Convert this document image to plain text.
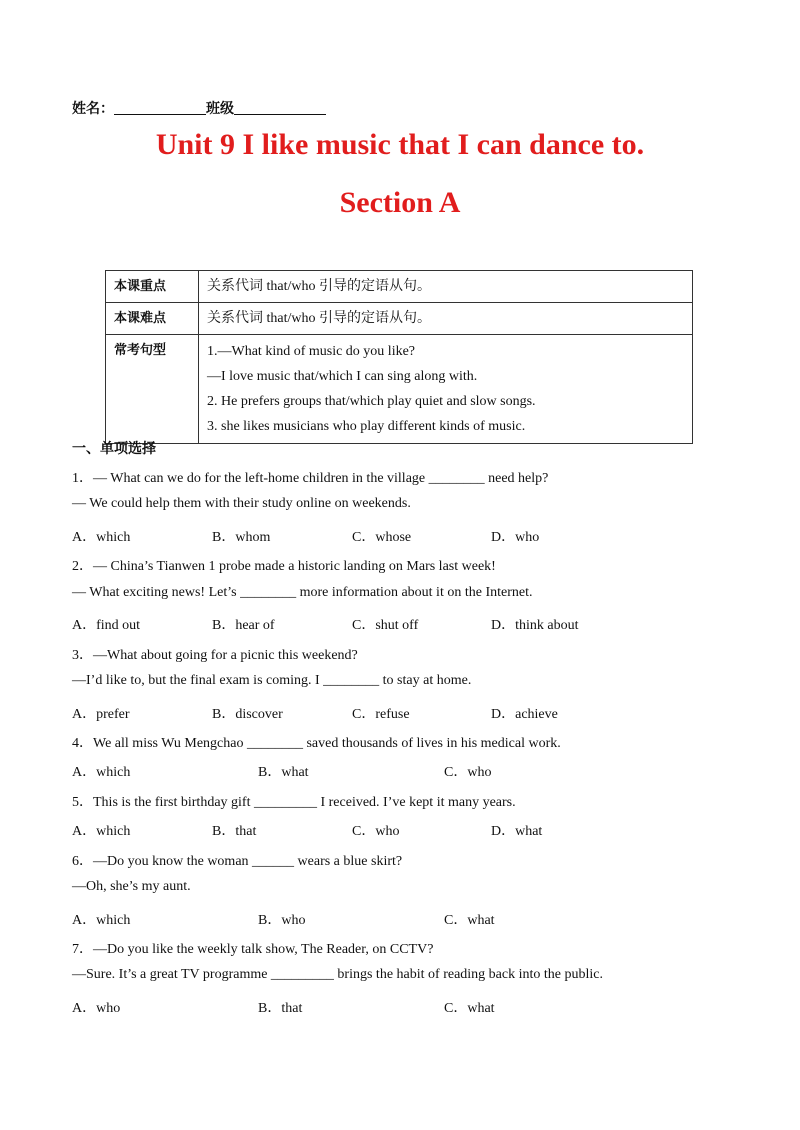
姓名：	班级
Unit 9 I like music that I can dance to.
Section A
本课重点	关系代词 that/who 引导的定语从句。
本课难点	关系代词 that/who 引导的定语从句。
常考句型	1.—What kind of music do you like?
—I love music that/which I can sing along with.
2. He prefers groups that/which play quiet and slow songs.
3. she likes musicians who play different kinds of music.
一、单项选择
1．— What can we do for the left-home children in the village ________ need help?
— We could help them with their study online on weekends.
A．which	B．whom	C．whose	D．who
2．— China’s Tianwen 1 probe made a historic landing on Mars last week!
— What exciting news! Let’s ________ more information about it on the Internet.
A．find out	B．hear of	C．shut off	D．think about
3．—What about going for a picnic this weekend?
—I’d like to, but the final exam is coming. I ________ to stay at home.
A．prefer	B．discover	C．refuse	D．achieve
4．We all miss Wu Mengchao ________ saved thousands of lives in his medical work.
A．which	B．what	C．who
5．This is the first birthday gift _________ I received. I’ve kept it many years.
A．which	B．that	C．who	D．what
6．—Do you know the woman ______ wears a blue skirt?
—Oh, she’s my aunt.
A．which	B．who	C．what
7．—Do you like the weekly talk show, The Reader, on CCTV?
—Sure. It’s a great TV programme _________ brings the habit of reading back into the public.
A．who	B．that	C．what
